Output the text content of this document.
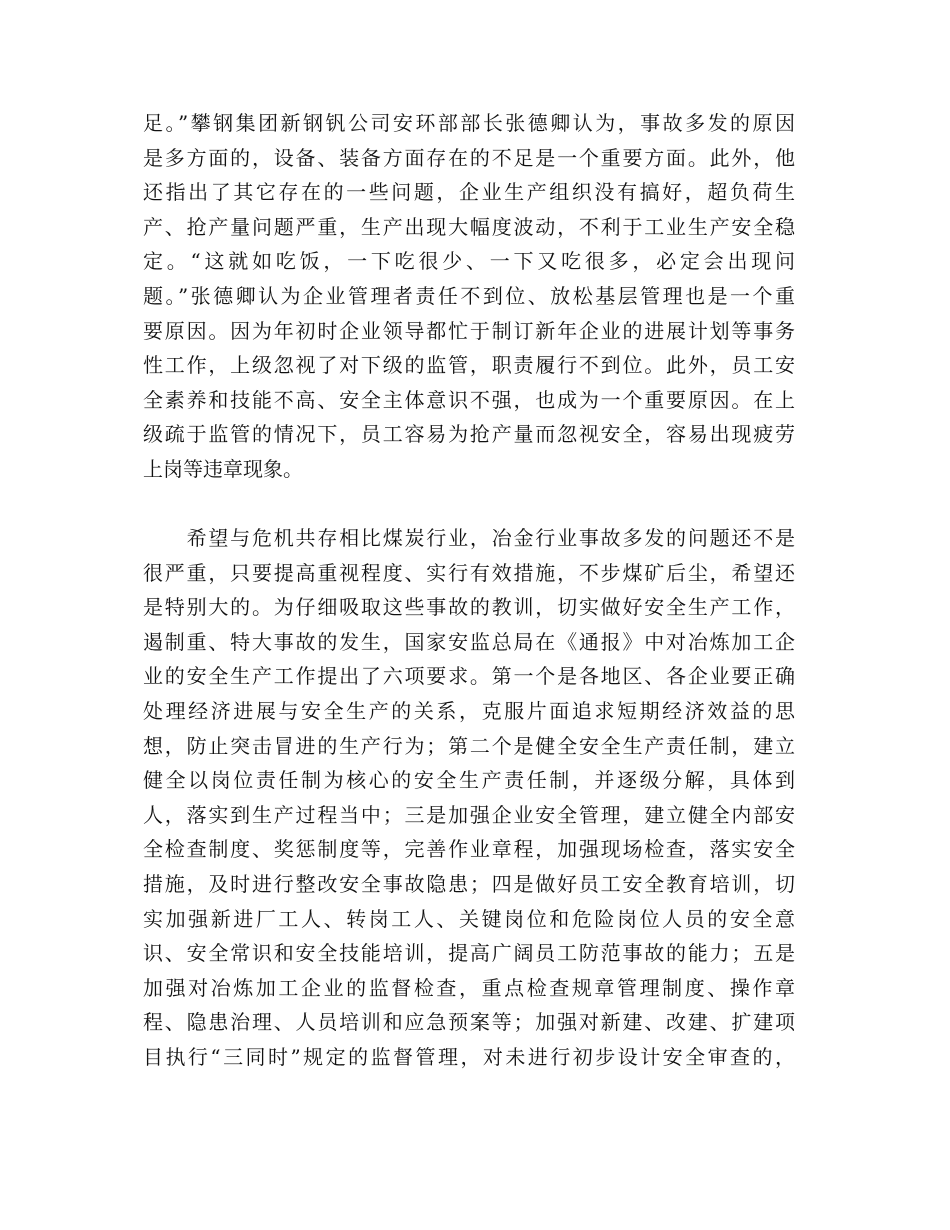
足。”攀钢集团新钢钒公司安环部部长张德卿认为，事故多发的原因
是多方面的，设备、装备方面存在的不足是一个重要方面。此外，他
还指出了其它存在的一些问题，企业生产组织没有搞好，超负荷生
产、抢产量问题严重，生产出现大幅度波动，不利于工业生产安全稳
定。“这就如吃饭，一下吃很少、一下又吃很多，必定会出现问
题。”张德卿认为企业管理者责任不到位、放松基层管理也是一个重
要原因。因为年初时企业领导都忙于制订新年企业的进展计划等事务
性工作，上级忽视了对下级的监管，职责履行不到位。此外，员工安
全素养和技能不高、安全主体意识不强，也成为一个重要原因。在上
级疏于监管的情况下，员工容易为抢产量而忽视安全，容易出现疲劳
上岗等违章现象。
　　希望与危机共存相比煤炭行业，冶金行业事故多发的问题还不是
很严重，只要提高重视程度、实行有效措施，不步煤矿后尘，希望还
是特别大的。为仔细吸取这些事故的教训，切实做好安全生产工作，
遏制重、特大事故的发生，国家安监总局在《通报》中对冶炼加工企
业的安全生产工作提出了六项要求。第一个是各地区、各企业要正确
处理经济进展与安全生产的关系，克服片面追求短期经济效益的思
想，防止突击冒进的生产行为；第二个是健全安全生产责任制，建立
健全以岗位责任制为核心的安全生产责任制，并逐级分解，具体到
人，落实到生产过程当中；三是加强企业安全管理，建立健全内部安
全检查制度、奖惩制度等，完善作业章程，加强现场检查，落实安全
措施，及时进行整改安全事故隐患；四是做好员工安全教育培训，切
实加强新进厂工人、转岗工人、关键岗位和危险岗位人员的安全意
识、安全常识和安全技能培训，提高广阔员工防范事故的能力；五是
加强对冶炼加工企业的监督检查，重点检查规章管理制度、操作章
程、隐患治理、人员培训和应急预案等；加强对新建、改建、扩建项
目执行“三同时”规定的监督管理，对未进行初步设计安全审查的，
